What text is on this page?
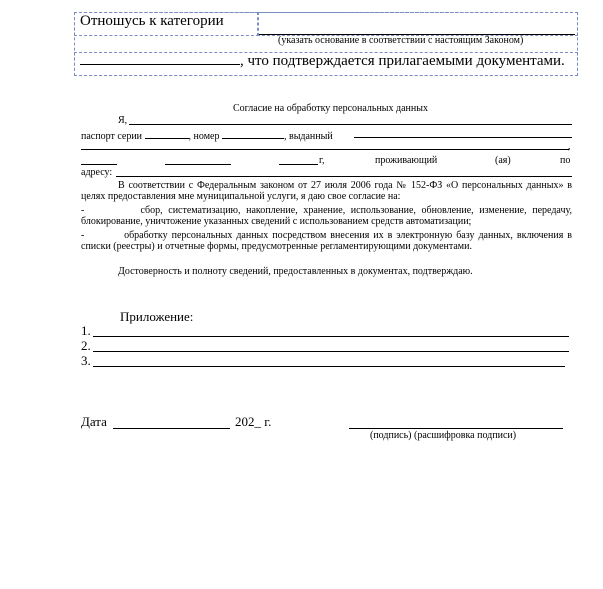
Отношусь к категории
(указать основание в соответствии с настоящим Законом)
, что подтверждается прилагаемыми документами.
Согласие на обработку персональных данных
Я,
паспорт серии	, номер	, выданный
,
г,	проживающий	(ая)	по
адресу:
В соответствии с Федеральным законом от 27 июля 2006 года № 152-ФЗ «О персональных данных» в целях предоставления мне муниципальной услуги, я даю свое согласие на:
-          сбор, систематизацию, накопление, хранение, использование, обновление, изменение, передачу, блокирование, уничтожение указанных сведений с использованием средств автоматизации;
-          обработку персональных данных посредством внесения их в электронную базу данных, включения в списки (реестры) и отчетные формы, предусмотренные регламентирующими документами.
Достоверность и полноту сведений, предоставленных в документах, подтверждаю.
Приложение:
1.
2.
3.
Дата	202_ г.
(подпись) (расшифровка подписи)
